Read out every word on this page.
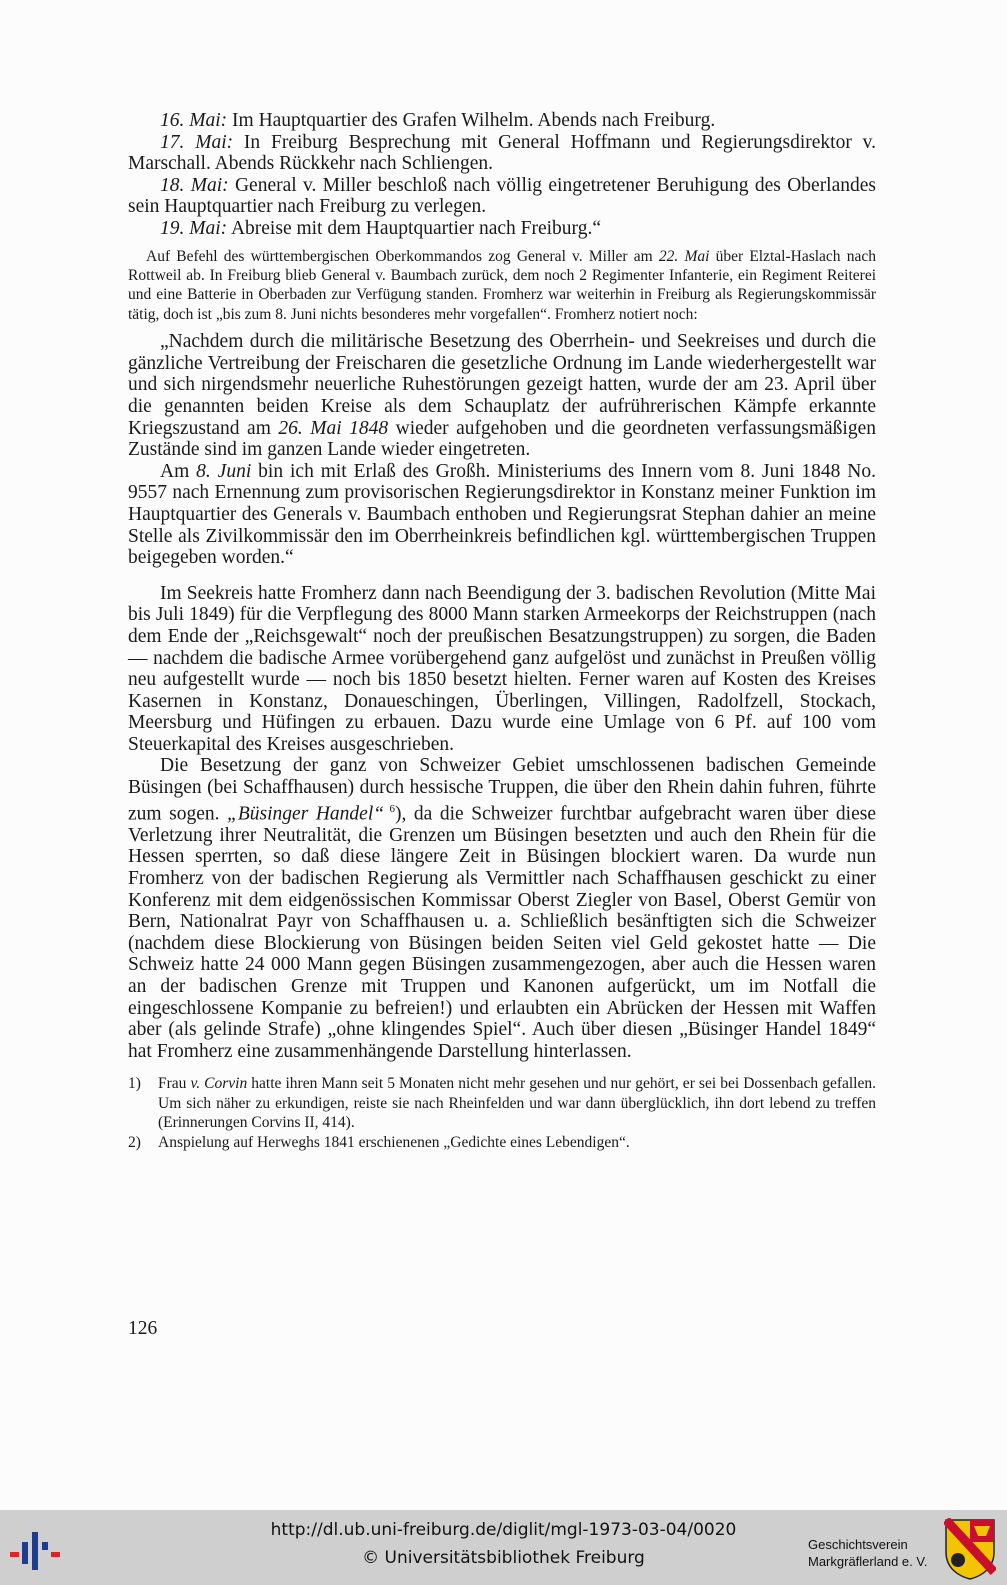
16. Mai: Im Hauptquartier des Grafen Wilhelm. Abends nach Freiburg.

17. Mai: In Freiburg Besprechung mit General Hoffmann und Regierungsdirektor v. Marschall. Abends Rückkehr nach Schliengen.

18. Mai: General v. Miller beschloß nach völlig eingetretener Beruhigung des Oberlandes sein Hauptquartier nach Freiburg zu verlegen.

19. Mai: Abreise mit dem Hauptquartier nach Freiburg.“

Auf Befehl des württembergischen Oberkommandos zog General v. Miller am 22. Mai über Elztal-Haslach nach Rottweil ab. In Freiburg blieb General v. Baumbach zurück, dem noch 2 Regimenter Infanterie, ein Regiment Reiterei und eine Batterie in Oberbaden zur Verfügung standen. Fromherz war weiterhin in Freiburg als Regierungskommissär tätig, doch ist „bis zum 8. Juni nichts besonderes mehr vorgefallen“. Fromherz notiert noch:

„Nachdem durch die militärische Besetzung des Oberrhein- und Seekreises und durch die gänzliche Vertreibung der Freischaren die gesetzliche Ordnung im Lande wiederhergestellt war und sich nirgendsmehr neuerliche Ruhestörungen gezeigt hatten, wurde der am 23. April über die genannten beiden Kreise als dem Schauplatz der aufrührerischen Kämpfe erkannte Kriegszustand am 26. Mai 1848 wieder aufgehoben und die geordneten verfassungsmäßigen Zustände sind im ganzen Lande wieder eingetreten.

Am 8. Juni bin ich mit Erlaß des Großh. Ministeriums des Innern vom 8. Juni 1848 No. 9557 nach Ernennung zum provisorischen Regierungsdirektor in Konstanz meiner Funktion im Hauptquartier des Generals v. Baumbach enthoben und Regierungsrat Stephan dahier an meine Stelle als Zivilkommissär den im Oberrheinkreis befindlichen kgl. württembergischen Truppen beigegeben worden.“

Im Seekreis hatte Fromherz dann nach Beendigung der 3. badischen Revolution (Mitte Mai bis Juli 1849) für die Verpflegung des 8000 Mann starken Armeekorps der Reichstruppen (nach dem Ende der „Reichsgewalt“ noch der preußischen Besatzungstruppen) zu sorgen, die Baden — nachdem die badische Armee vorübergehend ganz aufgelöst und zunächst in Preußen völlig neu aufgestellt wurde — noch bis 1850 besetzt hielten. Ferner waren auf Kosten des Kreises Kasernen in Konstanz, Donaueschingen, Überlingen, Villingen, Radolfzell, Stockach, Meersburg und Hüfingen zu erbauen. Dazu wurde eine Umlage von 6 Pf. auf 100 vom Steuerkapital des Kreises ausgeschrieben.

Die Besetzung der ganz von Schweizer Gebiet umschlossenen badischen Gemeinde Büsingen (bei Schaffhausen) durch hessische Truppen, die über den Rhein dahin fuhren, führte zum sogen. „Büsinger Handel“ $^6$), da die Schweizer furchtbar aufgebracht waren über diese Verletzung ihrer Neutralität, die Grenzen um Büsingen besetzten und auch den Rhein für die Hessen sperrten, so daß diese längere Zeit in Büsingen blockiert waren. Da wurde nun Fromherz von der badischen Regierung als Vermittler nach Schaffhausen geschickt zu einer Konferenz mit dem eidgenössischen Kommissar Oberst Ziegler von Basel, Oberst Gemür von Bern, Nationalrat Payr von Schaffhausen u. a. Schließlich besänftigten sich die Schweizer (nachdem diese Blockierung von Büsingen beiden Seiten viel Geld gekostet hatte — Die Schweiz hatte 24 000 Mann gegen Büsingen zusammengezogen, aber auch die Hessen waren an der badischen Grenze mit Truppen und Kanonen aufgerückt, um im Notfall die eingeschlossene Kompanie zu befreien!) und erlaubten ein Abrücken der Hessen mit Waffen aber (als gelinde Strafe) „ohne klingendes Spiel“. Auch über diesen „Büsinger Handel 1849“ hat Fromherz eine zusammenhängende Darstellung hinterlassen.

1)	Frau v. Corvin hatte ihren Mann seit 5 Monaten nicht mehr gesehen und nur gehört, er sei bei Dossenbach gefallen. Um sich näher zu erkundigen, reiste sie nach Rheinfelden und war dann überglücklich, ihn dort lebend zu treffen (Erinnerungen Corvins II, 414).
2)	Anspielung auf Herweghs 1841 erschienenen „Gedichte eines Lebendigen“.
126
http://dl.ub.uni-freiburg.de/diglit/mgl-1973-03-04/0020
© Universitätsbibliothek Freiburg
Geschichtsverein
Markgräflerland e. V.
